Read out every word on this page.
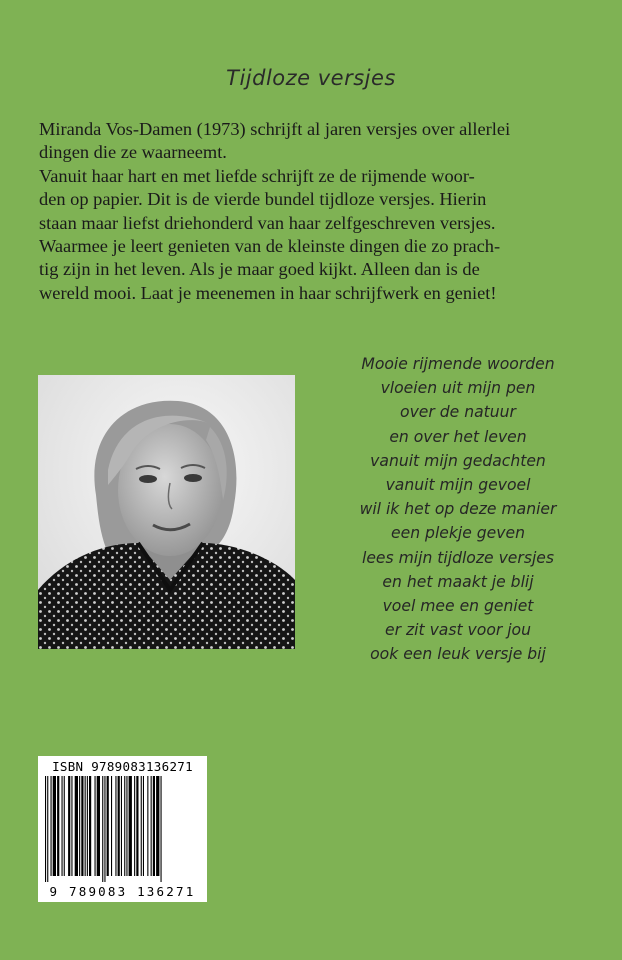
Tijdloze versjes
Miranda Vos-Damen (1973) schrijft al jaren versjes over allerlei
dingen die ze waarneemt.
Vanuit haar hart en met liefde schrijft ze de rijmende woor-
den op papier. Dit is de vierde bundel tijdloze versjes. Hierin
staan maar liefst driehonderd van haar zelfgeschreven versjes.
Waarmee je leert genieten van de kleinste dingen die zo prach-
tig zijn in het leven. Als je maar goed kijkt. Alleen dan is de
wereld mooi. Laat je meenemen in haar schrijfwerk en geniet!
Mooie rijmende woorden
vloeien uit mijn pen
over de natuur
en over het leven
vanuit mijn gedachten
vanuit mijn gevoel
wil ik het op deze manier
een plekje geven
lees mijn tijdloze versjes
en het maakt je blij
voel mee en geniet
er zit vast voor jou
ook een leuk versje bij
ISBN 9789083136271
9 789083 136271
